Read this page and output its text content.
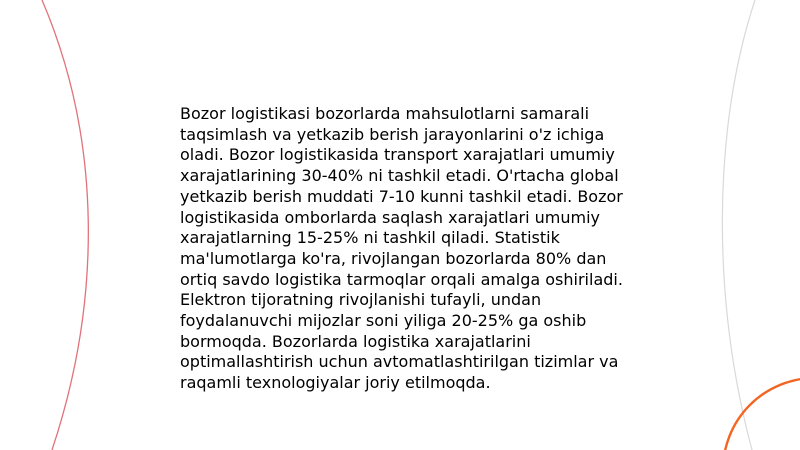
Bozor logistikasi bozorlarda mahsulotlarni samarali taqsimlash va yetkazib berish jarayonlarini o'z ichiga oladi. Bozor logistikasida transport xarajatlari umumiy xarajatlarining 30-40% ni tashkil etadi. O'rtacha global yetkazib berish muddati 7-10 kunni tashkil etadi. Bozor logistikasida omborlarda saqlash xarajatlari umumiy xarajatlarning 15-25% ni tashkil qiladi. Statistik ma'lumotlarga ko'ra, rivojlangan bozorlarda 80% dan ortiq savdo logistika tarmoqlar orqali amalga oshiriladi. Elektron tijoratning rivojlanishi tufayli, undan foydalanuvchi mijozlar soni yiliga 20-25% ga oshib bormoqda. Bozorlarda logistika xarajatlarini optimallashtirish uchun avtomatlashtirilgan tizimlar va raqamli texnologiyalar joriy etilmoqda.
